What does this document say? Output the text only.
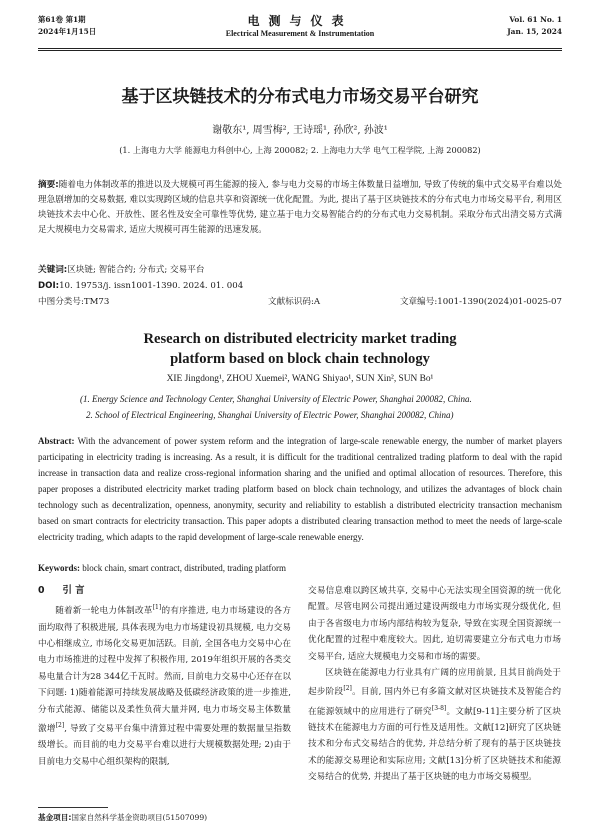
第61卷 第1期
2024年1月15日
电测与仪表
Electrical Measurement & Instrumentation
Vol. 61 No. 1
Jan. 15, 2024
基于区块链技术的分布式电力市场交易平台研究
谢敬东¹, 周雪梅², 王诗瑶¹, 孙欣², 孙波¹
(1. 上海电力大学 能源电力科创中心, 上海 200082; 2. 上海电力大学 电气工程学院, 上海 200082)
摘要:随着电力体制改革的推进以及大规模可再生能源的接入, 参与电力交易的市场主体数量日益增加, 导致了传统的集中式交易平台难以处理急剧增加的交易数据, 难以实现跨区域的信息共享和资源统一优化配置。为此, 提出了基于区块链技术的分布式电力市场交易平台, 利用区块链技术去中心化、开放性、匿名性及安全可靠性等优势, 建立基于电力交易智能合约的分布式电力交易机制。采取分布式出清交易方式满足大规模电力交易需求, 适应大规模可再生能源的迅速发展。
关键词:区块链; 智能合约; 分布式; 交易平台
DOI:10. 19753/j. issn1001-1390. 2024. 01. 004
中图分类号:TM73	文献标识码:A	文章编号:1001-1390(2024)01-0025-07
Research on distributed electricity market trading
platform based on block chain technology
XIE Jingdong¹, ZHOU Xuemei², WANG Shiyao¹, SUN Xin², SUN Bo¹
(1. Energy Science and Technology Center, Shanghai University of Electric Power, Shanghai 200082, China.
2. School of Electrical Engineering, Shanghai University of Electric Power, Shanghai 200082, China)
Abstract: With the advancement of power system reform and the integration of large-scale renewable energy, the number of market players participating in electricity trading is increasing. As a result, it is difficult for the traditional centralized trading platform to deal with the rapid increase in transaction data and realize cross-regional information sharing and the unified and optimal allocation of resources. Therefore, this paper proposes a distributed electricity market trading platform based on block chain technology, and utilizes the advantages of block chain technology such as decentralization, openness, anonymity, security and reliability to establish a distributed electricity transaction mechanism based on smart contracts for electricity transaction. This paper adopts a distributed clearing transaction method to meet the needs of large-scale electricity trading, which adapts to the rapid development of large-scale renewable energy.
Keywords: block chain, smart contract, distributed, trading platform
0 引 言
随着新一轮电力体制改革[1]的有序推进, 电力市场建设的各方面均取得了积极进展, 具体表现为电力市场建设初具规模, 电力交易中心相继成立, 市场化交易更加活跃。目前, 全国各电力交易中心在电力市场推进的过程中发挥了积极作用, 2019年组织开展的各类交易电量合计为28 344亿千瓦时。然而, 目前电力交易中心还存在以下问题: 1)随着能源可持续发展战略及低碳经济政策的进一步推进, 分布式能源、储能以及柔性负荷大量并网, 电力市场交易主体数量激增[2], 导致了交易平台集中清算过程中需要处理的数据量呈指数级增长。而目前的电力交易平台难以进行大规模数据处理; 2)由于目前电力交易中心组织架构的限制,
交易信息难以跨区域共享, 交易中心无法实现全国资源的统一优化配置。尽管电网公司提出通过建设两级电力市场实现分级优化, 但由于各省级电力市场内部结构较为复杂, 导致在实现全国资源统一优化配置的过程中难度较大。因此, 迫切需要建立分布式电力市场交易平台, 适应大规模电力交易和市场的需要。
区块链在能源电力行业具有广阔的应用前景, 且其目前尚处于起步阶段[2]。目前, 国内外已有多篇文献对区块链技术及智能合约在能源领域中的应用进行了研究[3-8]。文献[9-11]主要分析了区块链技术在能源电力方面的可行性及适用性。文献[12]研究了区块链技术和分布式交易结合的优势, 并总结分析了现有的基于区块链技术的能源交易理论和实际应用; 文献[13]分析了区块链技术和能源交易结合的优势, 并提出了基于区块链的电力市场交易模型。
基金项目:国家自然科学基金资助项目(51507099)
